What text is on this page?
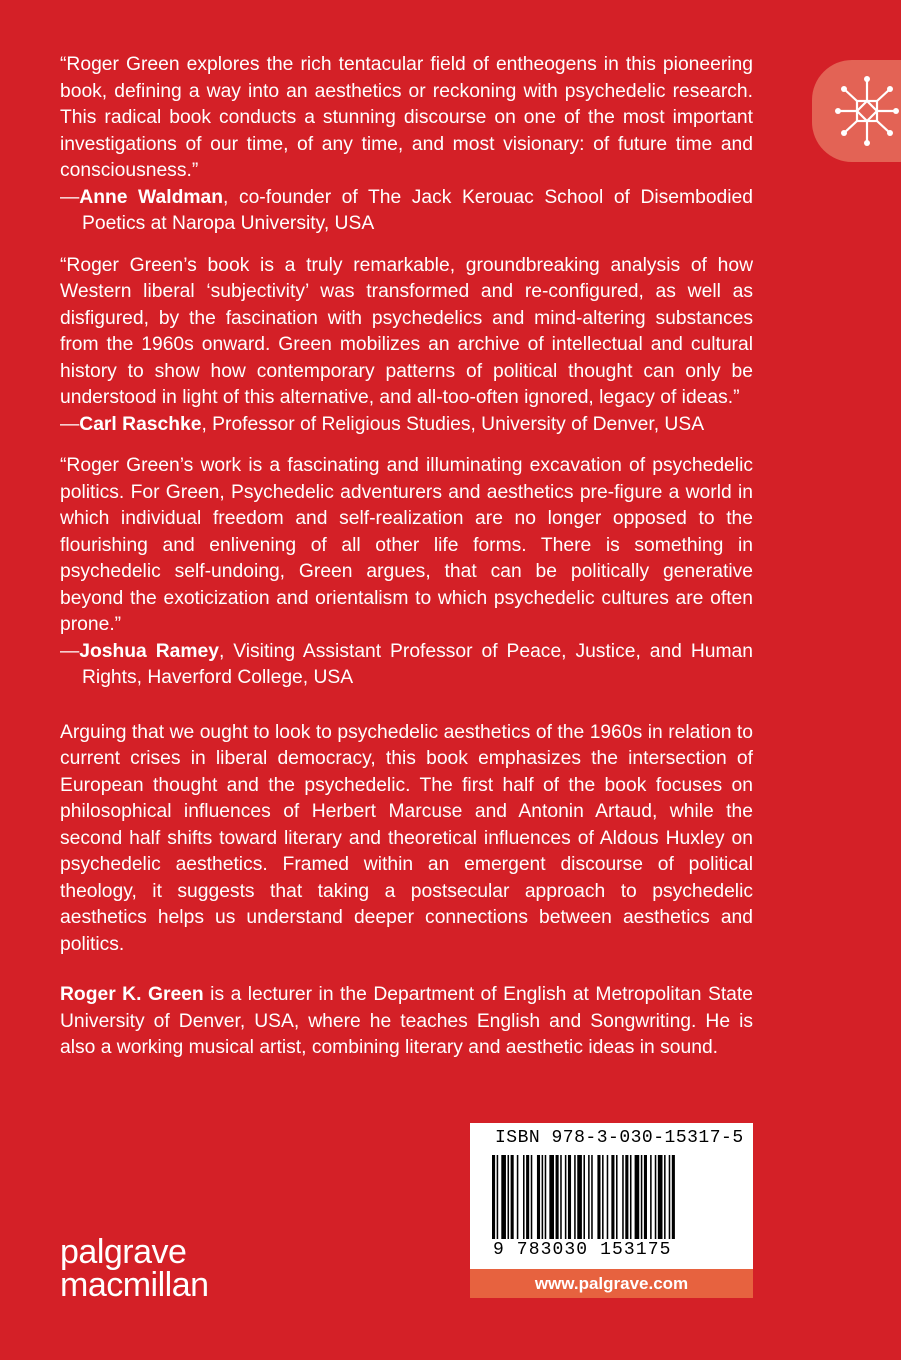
“Roger Green explores the rich tentacular field of entheogens in this pioneering book, defining a way into an aesthetics or reckoning with psychedelic research. This radical book conducts a stunning discourse on one of the most important investigations of our time, of any time, and most visionary: of future time and consciousness.”

—Anne Waldman, co-founder of The Jack Kerouac School of Disembodied Poetics at Naropa University, USA

“Roger Green’s book is a truly remarkable, groundbreaking analysis of how Western liberal ‘subjectivity’ was transformed and re-configured, as well as disfigured, by the fascination with psychedelics and mind-altering substances from the 1960s onward. Green mobilizes an archive of intellectual and cultural history to show how contemporary patterns of political thought can only be understood in light of this alternative, and all-too-often ignored, legacy of ideas.”

—Carl Raschke, Professor of Religious Studies, University of Denver, USA

“Roger Green’s work is a fascinating and illuminating excavation of psychedelic politics. For Green, Psychedelic adventurers and aesthetics pre-figure a world in which individual freedom and self-realization are no longer opposed to the flourishing and enlivening of all other life forms. There is something in psychedelic self-undoing, Green argues, that can be politically generative beyond the exoticization and orientalism to which psychedelic cultures are often prone.”

—Joshua Ramey, Visiting Assistant Professor of Peace, Justice, and Human Rights, Haverford College, USA

Arguing that we ought to look to psychedelic aesthetics of the 1960s in relation to current crises in liberal democracy, this book emphasizes the intersection of European thought and the psychedelic. The first half of the book focuses on philosophical influences of Herbert Marcuse and Antonin Artaud, while the second half shifts toward literary and theoretical influences of Aldous Huxley on psychedelic aesthetics. Framed within an emergent discourse of political theology, it suggests that taking a postsecular approach to psychedelic aesthetics helps us understand deeper connections between aesthetics and politics.

Roger K. Green is a lecturer in the Department of English at Metropolitan State University of Denver, USA, where he teaches English and Songwriting. He is also a working musical artist, combining literary and aesthetic ideas in sound.

palgrave
macmillan
ISBN 978-3-030-15317-5
9 783030 153175
www.palgrave.com
